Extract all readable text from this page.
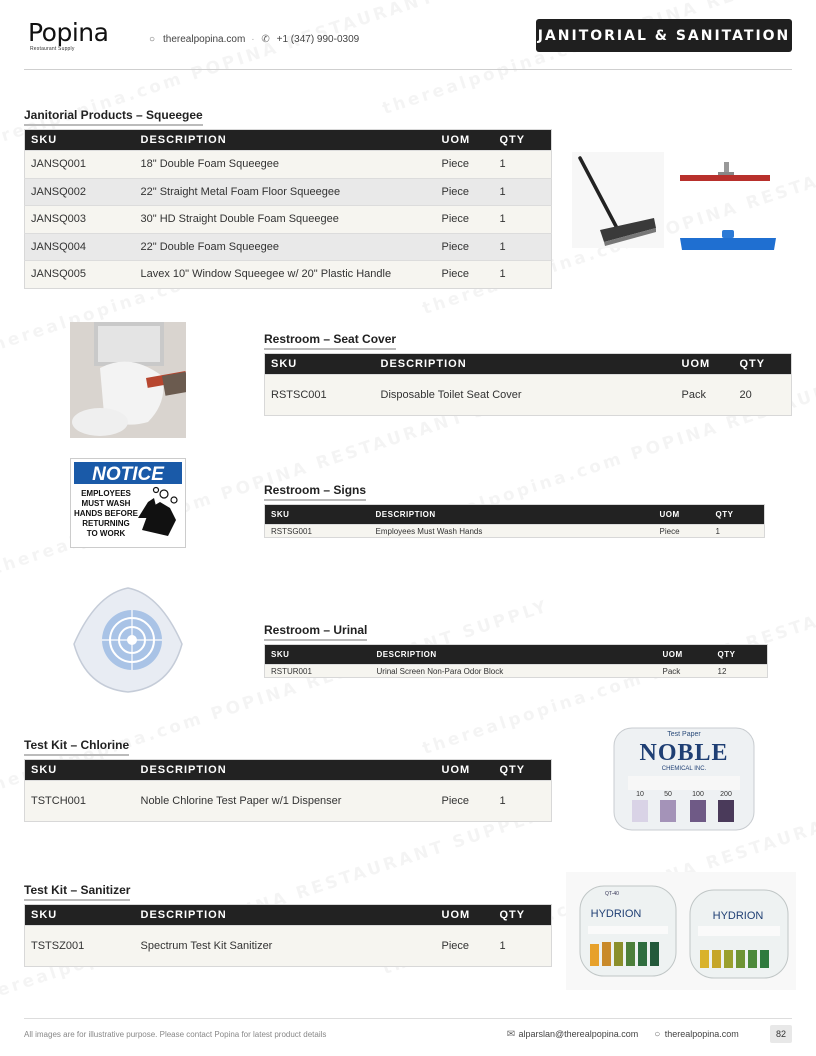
Popina
Restaurant Supply
○ therealpopina.com · ✆ +1 (347) 990-0309	JANITORIAL & SANITATION
Janitorial Products – Squeegee
SKU	DESCRIPTION	UOM	QTY
JANSQ001	18" Double Foam Squeegee	Piece	1
JANSQ002	22" Straight Metal Foam Floor Squeegee	Piece	1
JANSQ003	30" HD Straight Double Foam Squeegee	Piece	1
JANSQ004	22" Double Foam Squeegee	Piece	1
JANSQ005	Lavex 10" Window Squeegee w/ 20" Plastic Handle	Piece	1
Restroom – Seat Cover
SKU	DESCRIPTION	UOM	QTY
RSTSC001	Disposable Toilet Seat Cover	Pack	20
NOTICE
EMPLOYEES
MUST WASH
HANDS BEFORE
RETURNING
TO WORK
Restroom – Signs
SKU	DESCRIPTION	UOM	QTY
RSTSG001	Employees Must Wash Hands	Piece	1
Restroom – Urinal
SKU	DESCRIPTION	UOM	QTY
RSTUR001	Urinal Screen Non-Para Odor Block	Pack	12
Test Kit – Chlorine
SKU	DESCRIPTION	UOM	QTY
TSTCH001	Noble Chlorine Test Paper w/1 Dispenser	Piece	1
Test Paper
NOBLE
CHEMICAL INC.
10	50	100 200
Test Kit – Sanitizer
SKU	DESCRIPTION	UOM	QTY
TSTSZ001	Spectrum Test Kit Sanitizer	Piece	1
QT-40
HYDRION	HYDRION
All images are for illustrative purpose. Please contact Popina for latest product details	✉ alparslan@therealpopina.com ○ therealpopina.com	82
